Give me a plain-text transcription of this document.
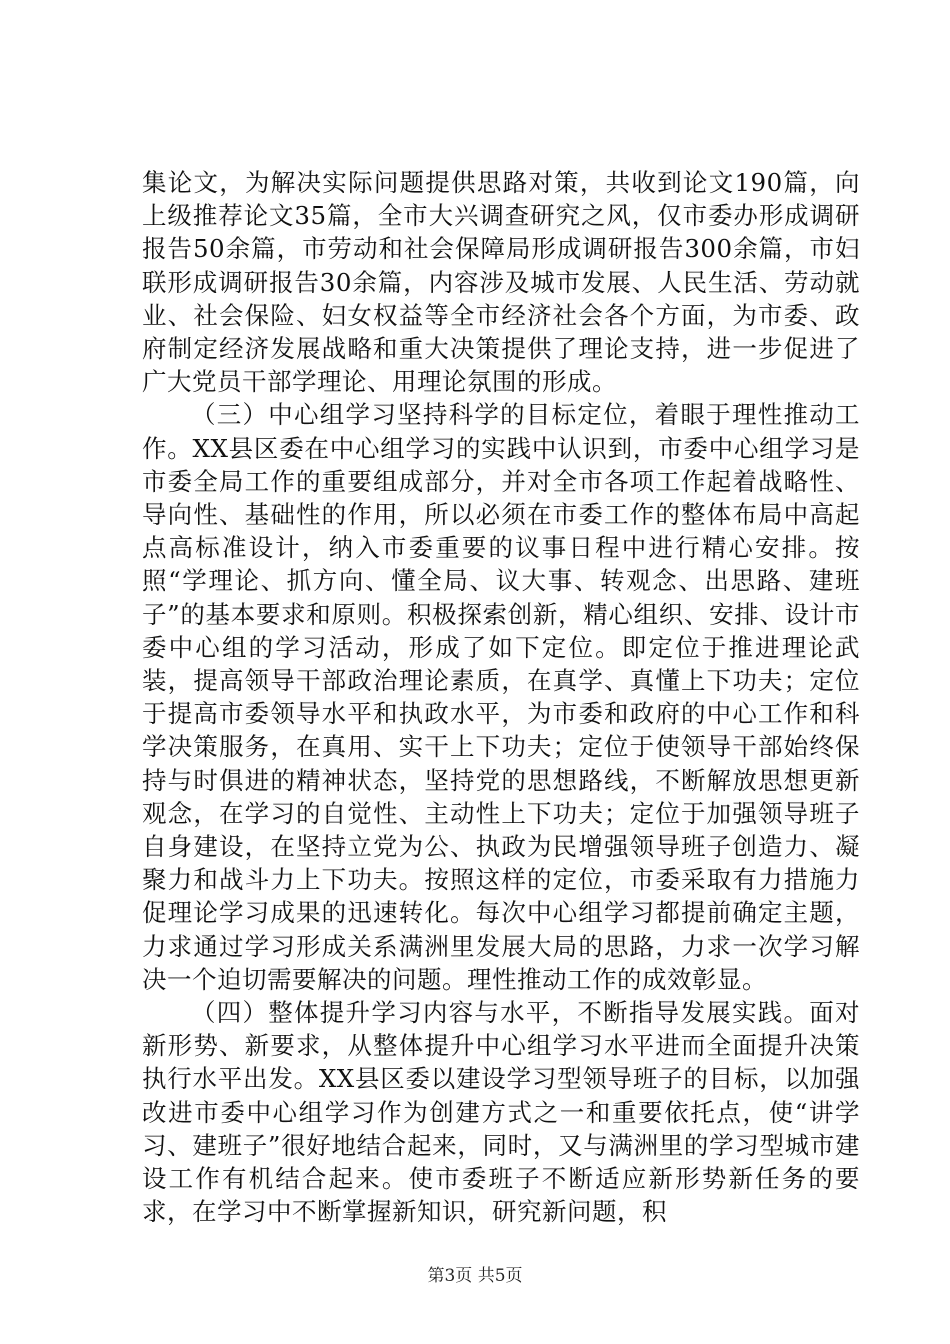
集论文，为解决实际问题提供思路对策，共收到论文190篇，向上级推荐论文35篇，全市大兴调查研究之风，仅市委办形成调研报告50余篇，市劳动和社会保障局形成调研报告300余篇，市妇联形成调研报告30余篇，内容涉及城市发展、人民生活、劳动就业、社会保险、妇女权益等全市经济社会各个方面，为市委、政府制定经济发展战略和重大决策提供了理论支持，进一步促进了广大党员干部学理论、用理论氛围的形成。

（三）中心组学习坚持科学的目标定位，着眼于理性推动工作。XX县区委在中心组学习的实践中认识到，市委中心组学习是市委全局工作的重要组成部分，并对全市各项工作起着战略性、导向性、基础性的作用，所以必须在市委工作的整体布局中高起点高标准设计，纳入市委重要的议事日程中进行精心安排。按照“学理论、抓方向、懂全局、议大事、转观念、出思路、建班子”的基本要求和原则。积极探索创新，精心组织、安排、设计市委中心组的学习活动，形成了如下定位。即定位于推进理论武装，提高领导干部政治理论素质，在真学、真懂上下功夫；定位于提高市委领导水平和执政水平，为市委和政府的中心工作和科学决策服务，在真用、实干上下功夫；定位于使领导干部始终保持与时俱进的精神状态，坚持党的思想路线，不断解放思想更新观念，在学习的自觉性、主动性上下功夫；定位于加强领导班子自身建设，在坚持立党为公、执政为民增强领导班子创造力、凝聚力和战斗力上下功夫。按照这样的定位，市委采取有力措施力促理论学习成果的迅速转化。每次中心组学习都提前确定主题，力求通过学习形成关系满洲里发展大局的思路，力求一次学习解决一个迫切需要解决的问题。理性推动工作的成效彰显。

（四）整体提升学习内容与水平，不断指导发展实践。面对新形势、新要求，从整体提升中心组学习水平进而全面提升决策执行水平出发。XX县区委以建设学习型领导班子的目标，以加强改进市委中心组学习作为创建方式之一和重要依托点，使“讲学习、建班子”很好地结合起来，同时，又与满洲里的学习型城市建设工作有机结合起来。使市委班子不断适应新形势新任务的要求，在学习中不断掌握新知识，研究新问题，积

第3页 共5页
